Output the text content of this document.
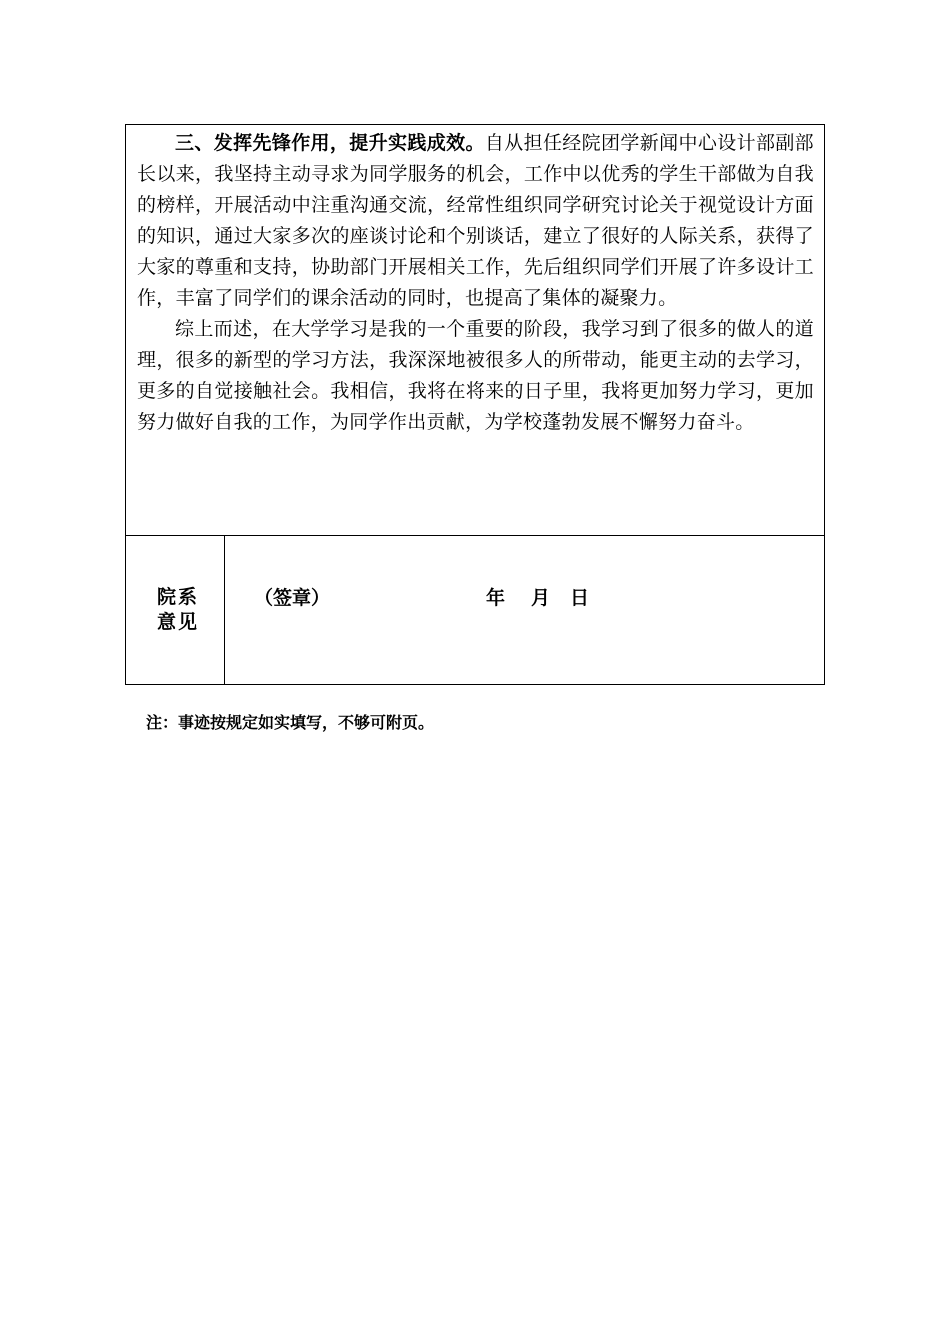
三、发挥先锋作用，提升实践成效。自从担任经院团学新闻中心设计部副部长以来，我坚持主动寻求为同学服务的机会，工作中以优秀的学生干部做为自我的榜样，开展活动中注重沟通交流，经常性组织同学研究讨论关于视觉设计方面的知识，通过大家多次的座谈讨论和个别谈话，建立了很好的人际关系，获得了大家的尊重和支持，协助部门开展相关工作，先后组织同学们开展了许多设计工作，丰富了同学们的课余活动的同时，也提高了集体的凝聚力。

综上而述，在大学学习是我的一个重要的阶段，我学习到了很多的做人的道理，很多的新型的学习方法，我深深地被很多人的所带动，能更主动的去学习，更多的自觉接触社会。我相信，我将在将来的日子里，我将更加努力学习，更加努力做好自我的工作，为同学作出贡献，为学校蓬勃发展不懈努力奋斗。

院系
意见
（签章）	年 月 日
注：事迹按规定如实填写，不够可附页。
